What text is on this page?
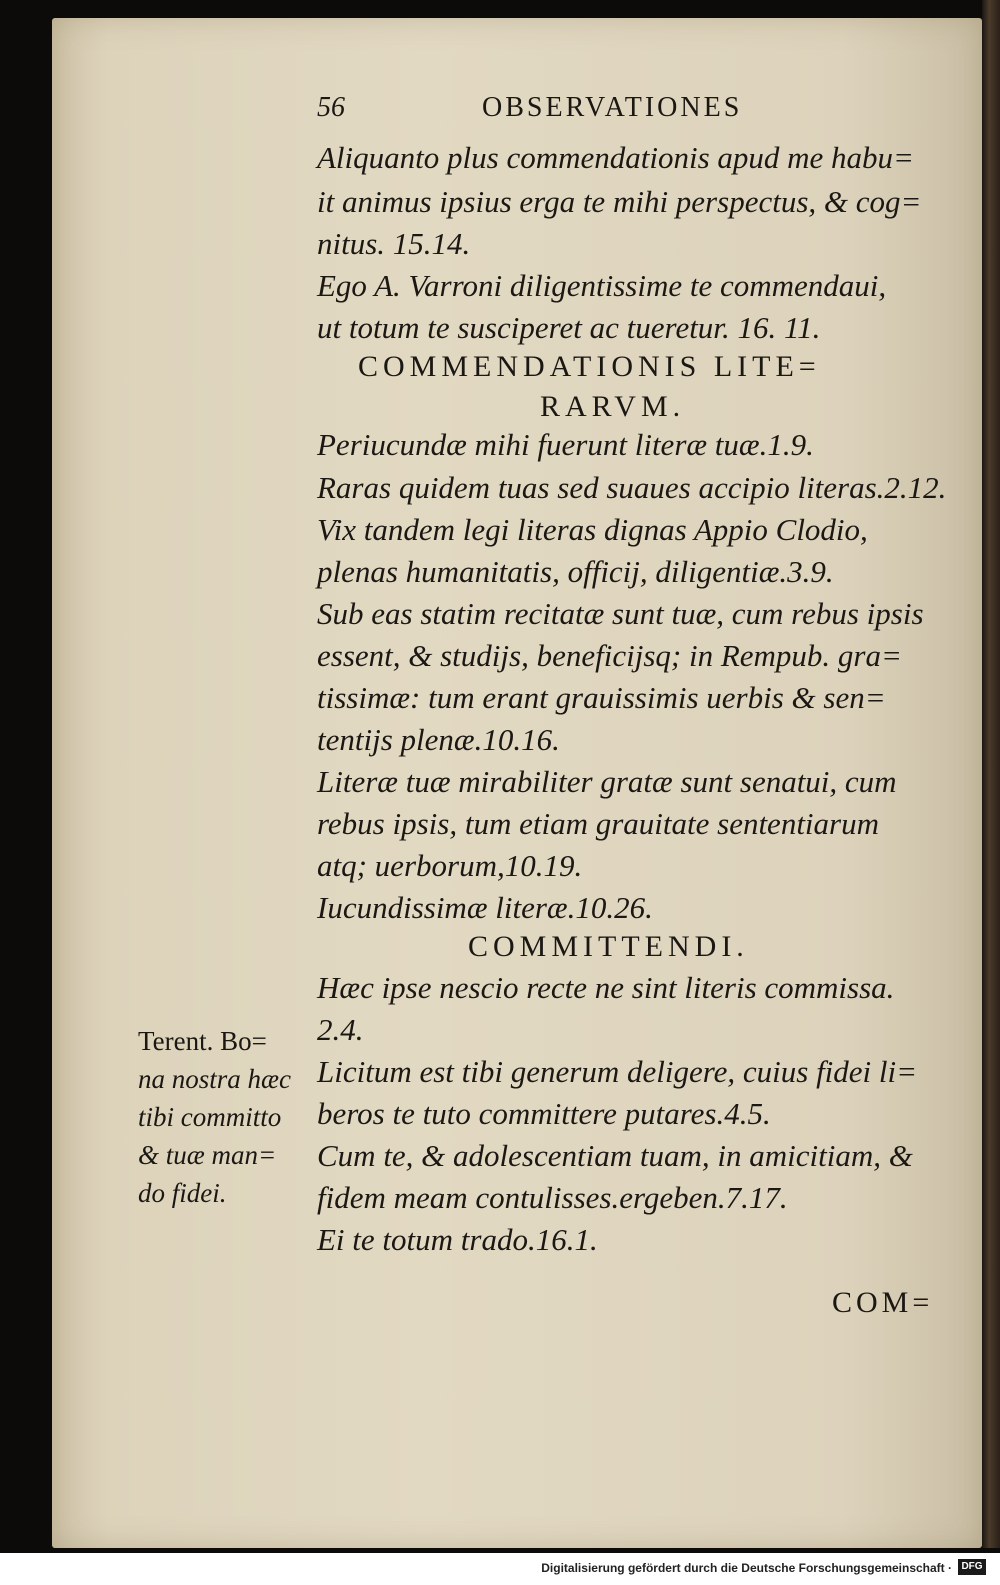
56	OBSERVATIONES
Aliquanto plus commendationis apud me habu=
it animus ipsius erga te mihi perspectus, & cog=
nitus. 15.14.
Ego A. Varroni diligentissime te commendaui,
ut totum te susciperet ac tueretur. 16. 11.
COMMENDATIONIS LITE=
RARVM.
Periucundæ mihi fuerunt literæ tuæ.1.9.
Raras quidem tuas sed suaues accipio literas.2.12.
Vix tandem legi literas dignas Appio Clodio,
plenas humanitatis, officij, diligentiæ.3.9.
Sub eas statim recitatæ sunt tuæ, cum rebus ipsis
essent, & studijs, beneficijsq; in Rempub. gra=
tissimæ: tum erant grauissimis uerbis & sen=
tentijs plenæ.10.16.
Literæ tuæ mirabiliter gratæ sunt senatui, cum
rebus ipsis, tum etiam grauitate sententiarum
atq; uerborum,10.19.
Iucundissimæ literæ.10.26.
COMMITTENDI.
Hæc ipse nescio recte ne sint literis commissa.
2.4.
Licitum est tibi generum deligere, cuius fidei li=
beros te tuto committere putares.4.5.
Cum te, & adolescentiam tuam, in amicitiam, &
fidem meam contulisses.ergeben.7.17.
Ei te totum trado.16.1.
Terent. Bo=
na nostra hæc
tibi committo
& tuæ man=
do fidei.
COM=
Digitalisierung gefördert durch die Deutsche Forschungsgemeinschaft · DFG
